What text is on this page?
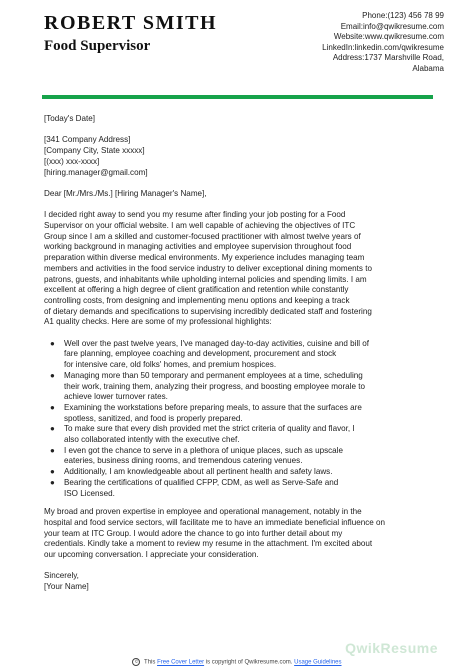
ROBERT SMITH
Food Supervisor
Phone:(123) 456 78 99
Email:info@qwikresume.com
Website:www.qwikresume.com
LinkedIn:linkedin.com/qwikresume
Address:1737 Marshville Road,
Alabama
[Today's Date]
[341 Company Address]
[Company City, State xxxxx]
[(xxx) xxx-xxxx]
[hiring.manager@gmail.com]
Dear [Mr./Mrs./Ms.] [Hiring Manager's Name],
I decided right away to send you my resume after finding your job posting for a Food
Supervisor on your official website. I am well capable of achieving the objectives of ITC
Group since I am a skilled and customer-focused practitioner with almost twelve years of
working background in managing activities and employee supervision throughout food
preparation within diverse medical environments. My experience includes managing team
members and activities in the food service industry to deliver exceptional dining moments to
patrons, guests, and inhabitants while upholding internal policies and spending limits. I am
excellent at offering a high degree of client gratification and retention while constantly
controlling costs, from designing and implementing menu options and keeping a track
of dietary demands and specifications to supervising incredibly dedicated staff and fostering
A1 quality checks. Here are some of my professional highlights:
● Well over the past twelve years, I've managed day-to-day activities, cuisine and bill of
fare planning, employee coaching and development, procurement and stock
for intensive care, old folks' homes, and premium hospices.
● Managing more than 50 temporary and permanent employees at a time, scheduling
their work, training them, analyzing their progress, and boosting employee morale to
achieve lower turnover rates.
● Examining the workstations before preparing meals, to assure that the surfaces are
spotless, sanitized, and food is properly prepared.
● To make sure that every dish provided met the strict criteria of quality and flavor, I
also collaborated intently with the executive chef.
● I even got the chance to serve in a plethora of unique places, such as upscale
eateries, business dining rooms, and tremendous catering venues.
● Additionally, I am knowledgeable about all pertinent health and safety laws.
● Bearing the certifications of qualified CFPP, CDM, as well as Serve-Safe and
ISO Licensed.
My broad and proven expertise in employee and operational management, notably in the
hospital and food service sectors, will facilitate me to have an immediate beneficial influence on
your team at ITC Group. I would adore the chance to go into further detail about my
credentials. Kindly take a moment to review my resume in the attachment. I'm excited about
our upcoming conversation. I appreciate your consideration.
Sincerely,
[Your Name]
QwikResume
© This Free Cover Letter is copyright of Qwikresume.com. Usage Guidelines
